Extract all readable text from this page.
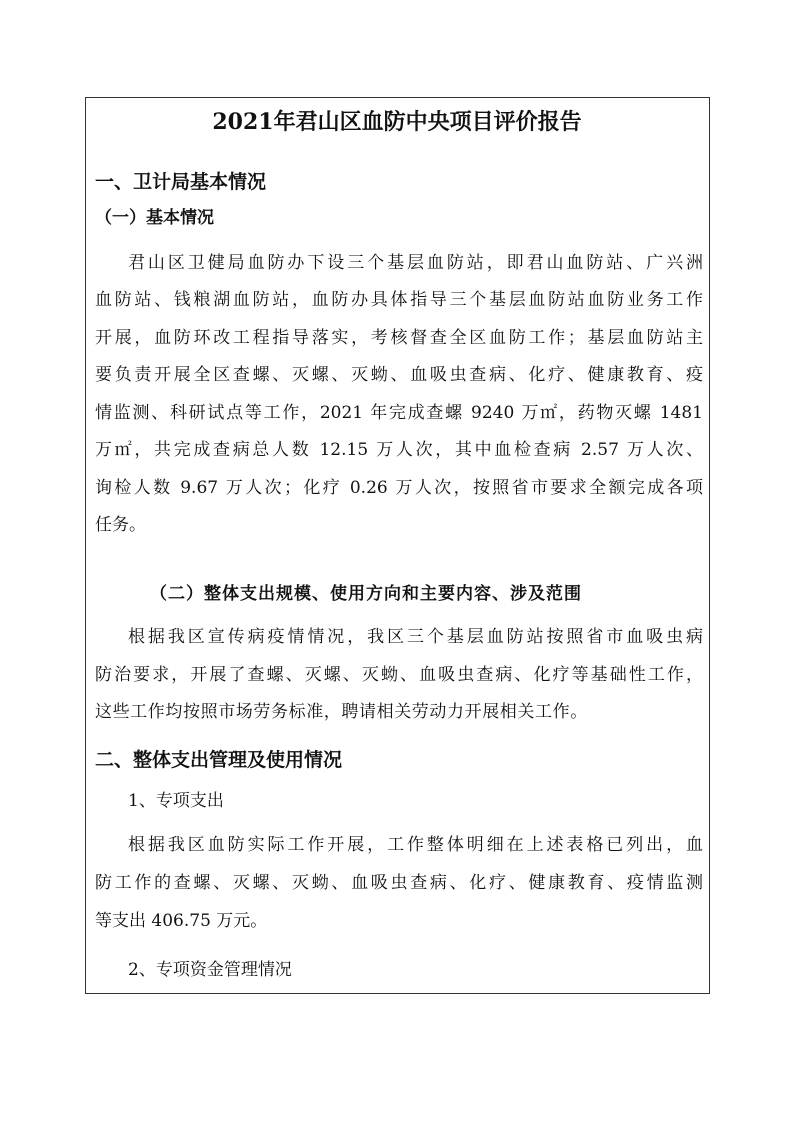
2021年君山区血防中央项目评价报告
一、卫计局基本情况
（一）基本情况
君山区卫健局血防办下设三个基层血防站，即君山血防站、广兴洲
血防站、钱粮湖血防站，血防办具体指导三个基层血防站血防业务工作
开展，血防环改工程指导落实，考核督查全区血防工作；基层血防站主
要负责开展全区查螺、灭螺、灭蚴、血吸虫查病、化疗、健康教育、疫
情监测、科研试点等工作，2021 年完成查螺 9240 万㎡，药物灭螺 1481
万㎡，共完成查病总人数 12.15 万人次，其中血检查病 2.57 万人次、
询检人数 9.67 万人次；化疗 0.26 万人次，按照省市要求全额完成各项
任务。
（二）整体支出规模、使用方向和主要内容、涉及范围
根据我区宣传病疫情情况，我区三个基层血防站按照省市血吸虫病
防治要求，开展了查螺、灭螺、灭蚴、血吸虫查病、化疗等基础性工作，
这些工作均按照市场劳务标准，聘请相关劳动力开展相关工作。
二、整体支出管理及使用情况
1、专项支出
根据我区血防实际工作开展，工作整体明细在上述表格已列出，血
防工作的查螺、灭螺、灭蚴、血吸虫查病、化疗、健康教育、疫情监测
等支出 406.75 万元。
2、专项资金管理情况
